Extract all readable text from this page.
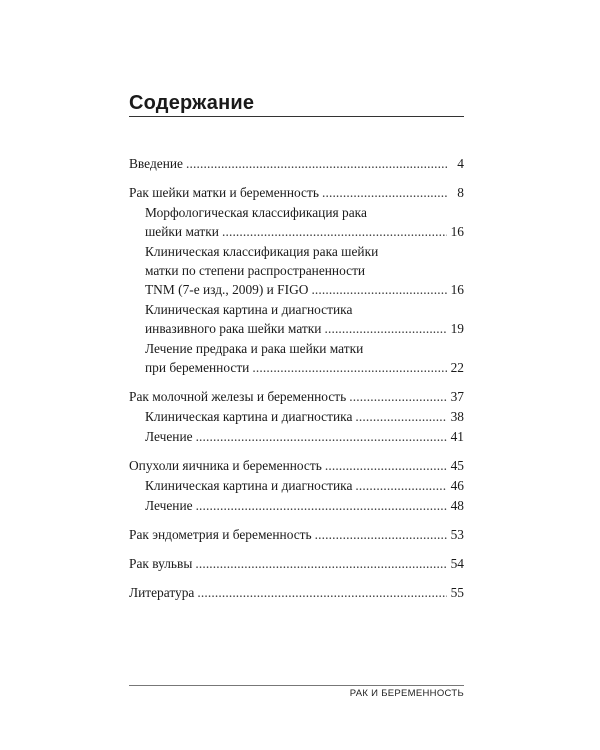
Содержание
Введение . . .	4
Рак шейки матки и беременность . . .	8
Морфологическая классификация рака
шейки матки . . .	16
Клиническая классификация рака шейки
матки по степени распространенности
TNM (7-е изд., 2009) и FIGO . . .	16
Клиническая картина и диагностика
инвазивного рака шейки матки . . .	19
Лечение предрака и рака шейки матки
при беременности . . .	22
Рак молочной железы и беременность . . .	37
Клиническая картина и диагностика . . .	38
Лечение . . .	41
Опухоли яичника и беременность . . .	45
Клиническая картина и диагностика . . .	46
Лечение . . .	48
Рак эндометрия и беременность . . .	53
Рак вульвы . . .	54
Литература . . .	55
РАК И БЕРЕМЕННОСТЬ
